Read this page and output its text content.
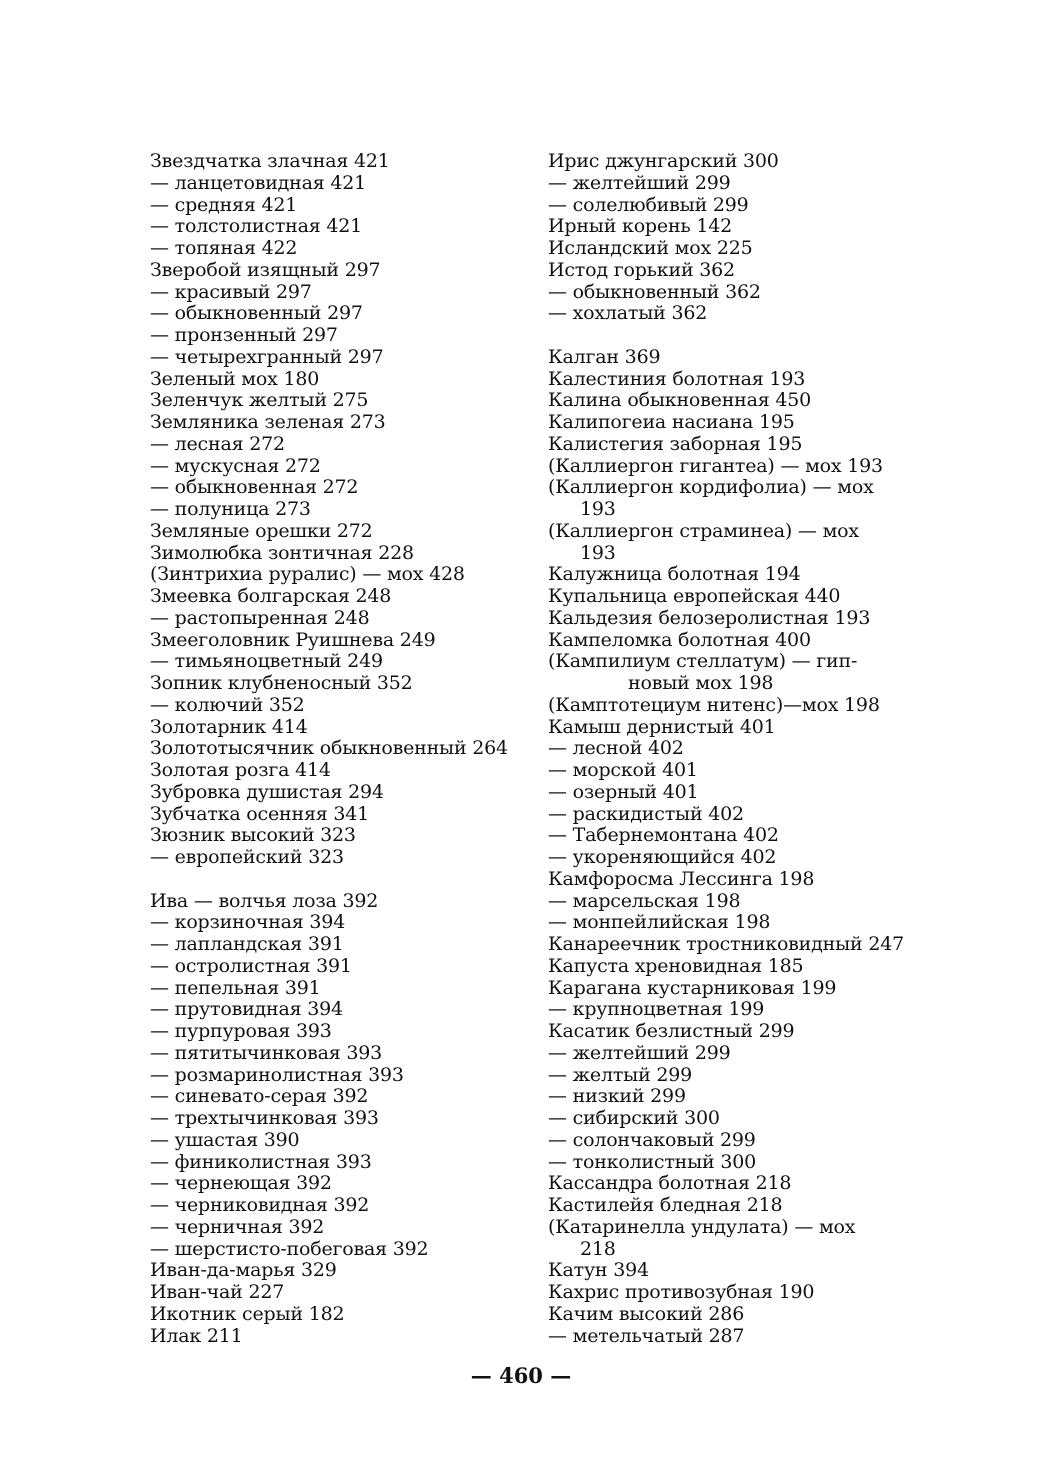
Звездчатка злачная 421
— ланцетовидная 421
— средняя 421
— толстолистная 421
— топяная 422
Зверобой изящный 297
— красивый 297
— обыкновенный 297
— пронзенный 297
— четырехгранный 297
Зеленый мох 180
Зеленчук желтый 275
Земляника зеленая 273
— лесная 272
— мускусная 272
— обыкновенная 272
— полуница 273
Земляные орешки 272
Зимолюбка зонтичная 228
(Зинтрихиа руралис) — мох 428
Змеевка болгарская 248
— растопыренная 248
Змееголовник Руишнева 249
— тимьяноцветный 249
Зопник клубненосный 352
— колючий 352
Золотарник 414
Золототысячник обыкновенный 264
Золотая розга 414
Зубровка душистая 294
Зубчатка осенняя 341
Зюзник высокий 323
— европейский 323
Ива — волчья лоза 392
— корзиночная 394
— лапландская 391
— остролистная 391
— пепельная 391
— прутовидная 394
— пурпуровая 393
— пятитычинковая 393
— розмаринолистная 393
— синевато-серая 392
— трехтычинковая 393
— ушастая 390
— финиколистная 393
— чернеющая 392
— черниковидная 392
— черничная 392
— шерстисто-побеговая 392
Иван-да-марья 329
Иван-чай 227
Икотник серый 182
Илак 211
Ирис джунгарский 300
— желтейший 299
— солелюбивый 299
Ирный корень 142
Исландский мох 225
Истод горький 362
— обыкновенный 362
— хохлатый 362
Калган 369
Калестиния болотная 193
Калина обыкновенная 450
Калипогеиа насиана 195
Калистегия заборная 195
(Каллиергон гигантеа) — мох 193
(Каллиергон кордифолиа) — мох
193
(Каллиергон страминеа) — мох
193
Калужница болотная 194
Купальница европейская 440
Кальдезия белозеролистная 193
Кампеломка болотная 400
(Кампилиум стеллатум) — гип-
новый мох 198
(Камптотециум нитенс)—мох 198
Камыш дернистый 401
— лесной 402
— морской 401
— озерный 401
— раскидистый 402
— Табернемонтана 402
— укореняющийся 402
Камфоросма Лессинга 198
— марсельская 198
— монпейлийская 198
Канареечник тростниковидный 247
Капуста хреновидная 185
Карагана кустарниковая 199
— крупноцветная 199
Касатик безлистный 299
— желтейший 299
— желтый 299
— низкий 299
— сибирский 300
— солончаковый 299
— тонколистный 300
Кассандра болотная 218
Кастилейя бледная 218
(Катаринелла ундулата) — мох
218
Катун 394
Кахрис противозубная 190
Качим высокий 286
— метельчатый 287
— 460 —
